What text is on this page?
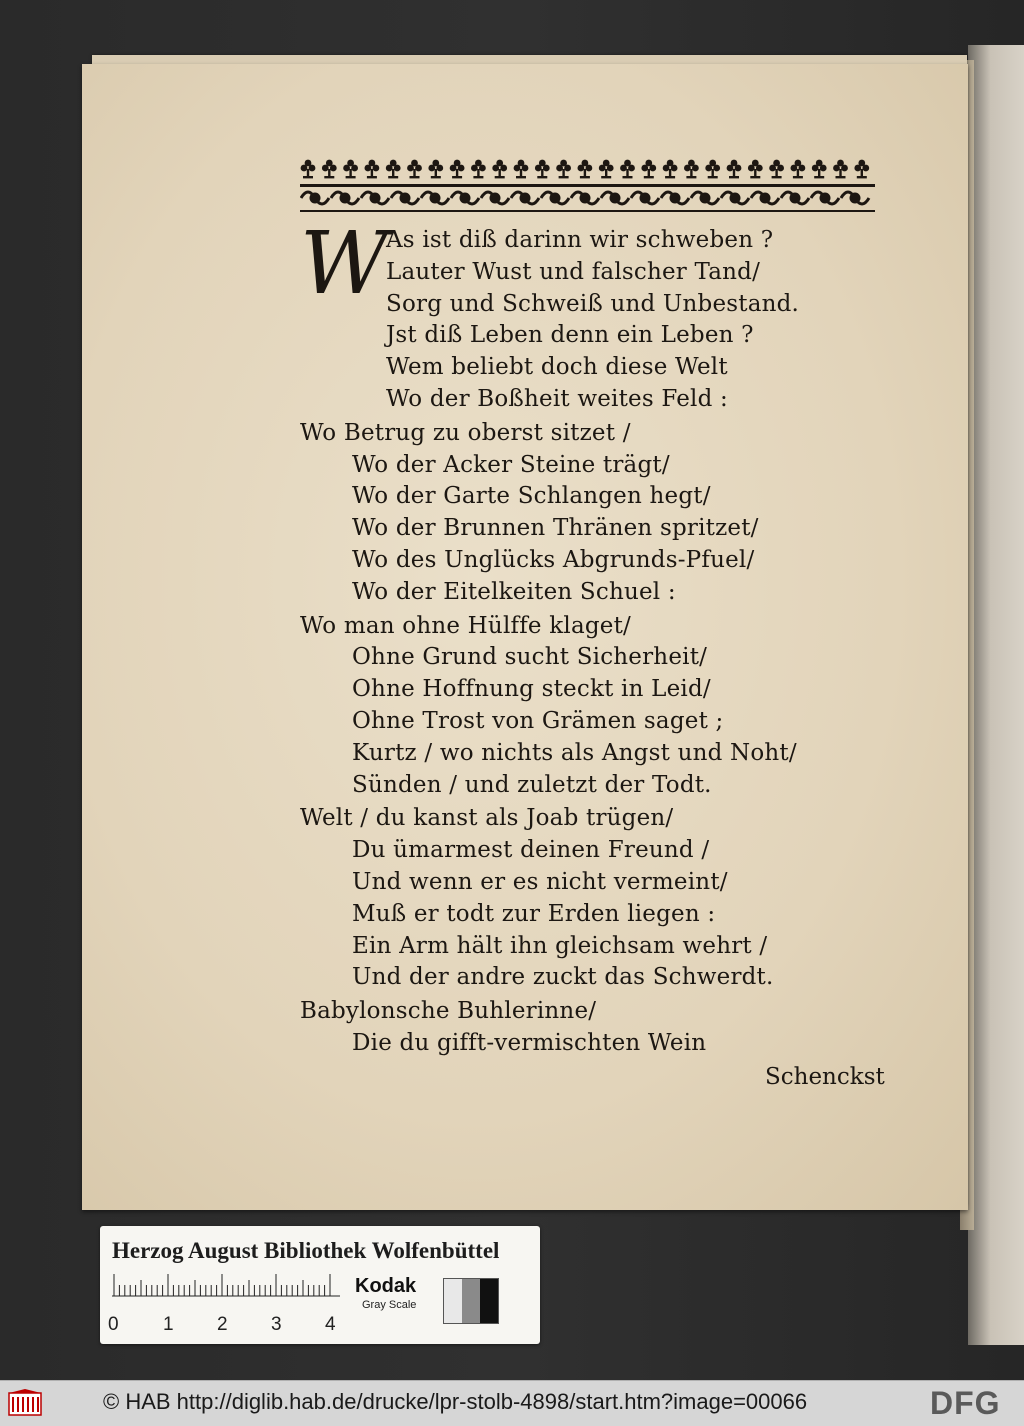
W
As ist diß darinn wir schweben ?
Lauter Wust und falscher Tand/
Sorg und Schweiß und Unbestand.
Jst diß Leben denn ein Leben ?
Wem beliebt doch diese Welt
Wo der Boßheit weites Feld :
Wo Betrug zu oberst sitzet /
Wo der Acker Steine trägt/
Wo der Garte Schlangen hegt/
Wo der Brunnen Thränen spritzet/
Wo des Unglücks Abgrunds-Pfuel/
Wo der Eitelkeiten Schuel :
Wo man ohne Hülffe klaget/
Ohne Grund sucht Sicherheit/
Ohne Hoffnung steckt in Leid/
Ohne Trost von Grämen saget ;
Kurtz / wo nichts als Angst und Noht/
Sünden / und zuletzt der Todt.
Welt / du kanst als Joab trügen/
Du ümarmest deinen Freund /
Und wenn er es nicht vermeint/
Muß er todt zur Erden liegen :
Ein Arm hält ihn gleichsam wehrt /
Und der andre zuckt das Schwerdt.
Babylonsche Buhlerinne/
Die du gifft-vermischten Wein
Schenckst
Herzog August Bibliothek Wolfenbüttel
0 1 2 3 4
Kodak
Gray Scale
© HAB http://diglib.hab.de/drucke/lpr-stolb-4898/start.htm?image=00066	DFG
